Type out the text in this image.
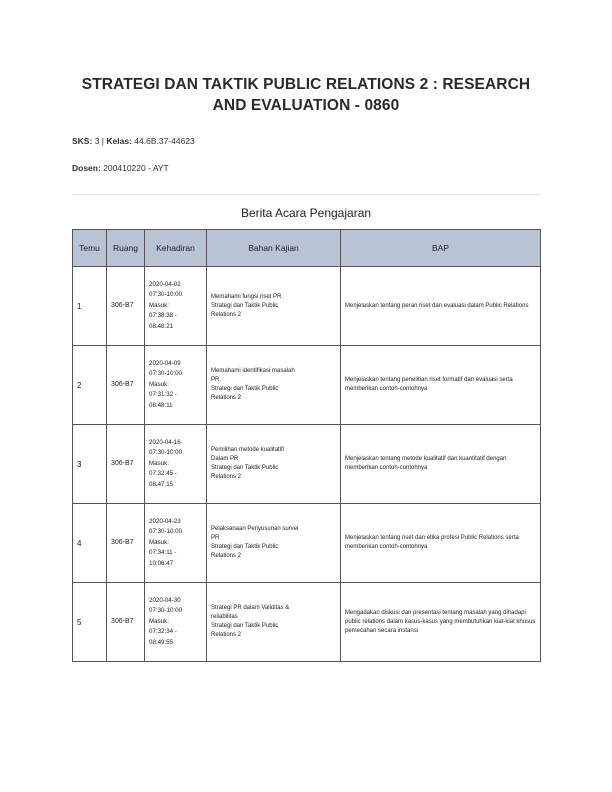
STRATEGI DAN TAKTIK PUBLIC RELATIONS 2 : RESEARCH AND EVALUATION - 0860
SKS: 3 | Kelas: 44.6B.37-44623
Dosen: 200410220 - AYT
Berita Acara Pengajaran
Temu	Ruang	Kehadiran	Bahan Kajian	BAP
1	306-B7	2020-04-02
07:30-10:00
Masuk:
07:38:38 -
08:48:21	Memahami fungsi riset PR
Strategi dan Taktik Public
Relations 2	Menjelaskan tentang peran riset dan evaluasi dalam Public Relations

2	306-B7	2020-04-09
07:30-10:00
Masuk:
07:31:32 -
08:48:11	Memahami identifikasi masalah
PR
Strategi dan Taktik Public
Relations 2	Menjelaskan tentang penelitian riset formatif dan evaluasi serta memberikan contoh-contohnya

3	306-B7	2020-04-16
07:30-10:00
Masuk:
07:32:45 -
08:47:15	Pemilihan metode kualitatif/
Dalam PR
Strategi dan Taktik Public
Relations 2	Menjelaskan tentang metode kualitatif dan kuantitatif dengan memberikan contoh-contohnya

4	306-B7	2020-04-23
07:30-10:00
Masuk:
07:34:11 -
10:06:47	Pelaksanaan Penyusunan survei
PR
Strategi dan Taktik Public
Relations 2	Menjelaskan tentang riset dan etika profesi Public Relations serta memberikan contoh-contohnya

5	306-B7	2020-04-30
07:30-10:00
Masuk:
07:32:34 -
08:49:55	Strategi PR dalam Validitas &
reliabilitas
Strategi dan Taktik Public
Relations 2	Mengadakan diskusi dan presentasi tentang masalah yang dihadapi public relations dalam kasus-kasus yang membutuhkan kiat-kiat khusus pemecahan secara instansi
